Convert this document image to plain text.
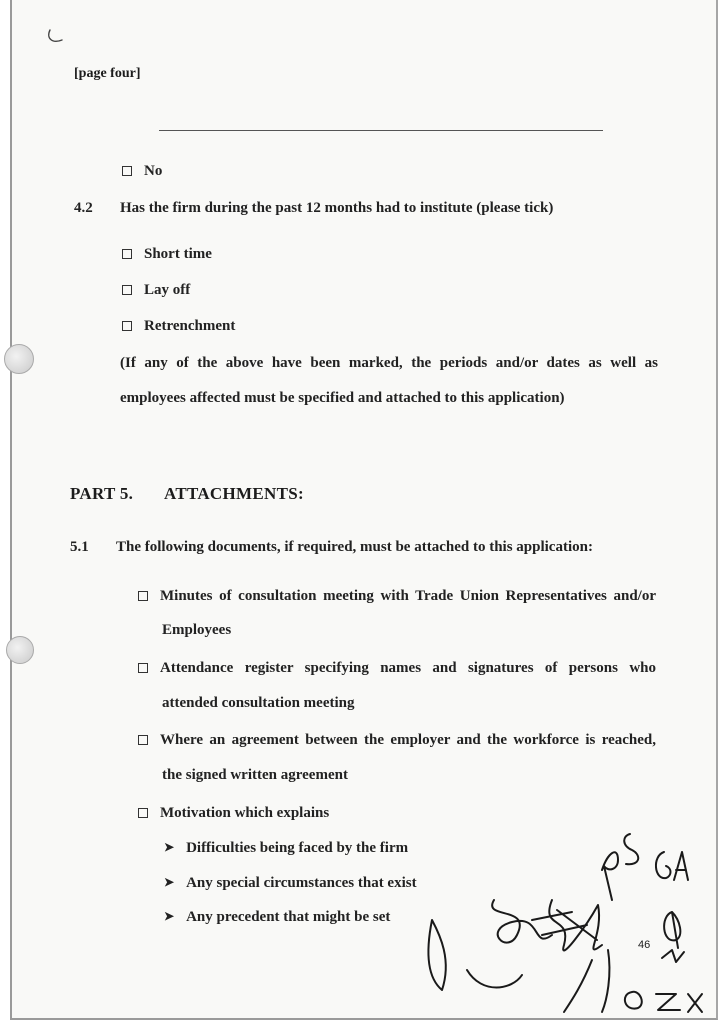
[page four]
No
4.2 Has the firm during the past 12 months had to institute (please tick)
Short time
Lay off
Retrenchment
(If any of the above have been marked, the periods and/or dates as well as
employees affected must be specified and attached to this application)
PART 5. ATTACHMENTS:
5.1 The following documents, if required, must be attached to this application:
Minutes of consultation meeting with Trade Union Representatives and/or
Employees
Attendance register specifying names and signatures of persons who
attended consultation meeting
Where an agreement between the employer and the workforce is reached,
the signed written agreement
Motivation which explains
➤ Difficulties being faced by the firm
➤ Any special circumstances that exist
➤ Any precedent that might be set
46
